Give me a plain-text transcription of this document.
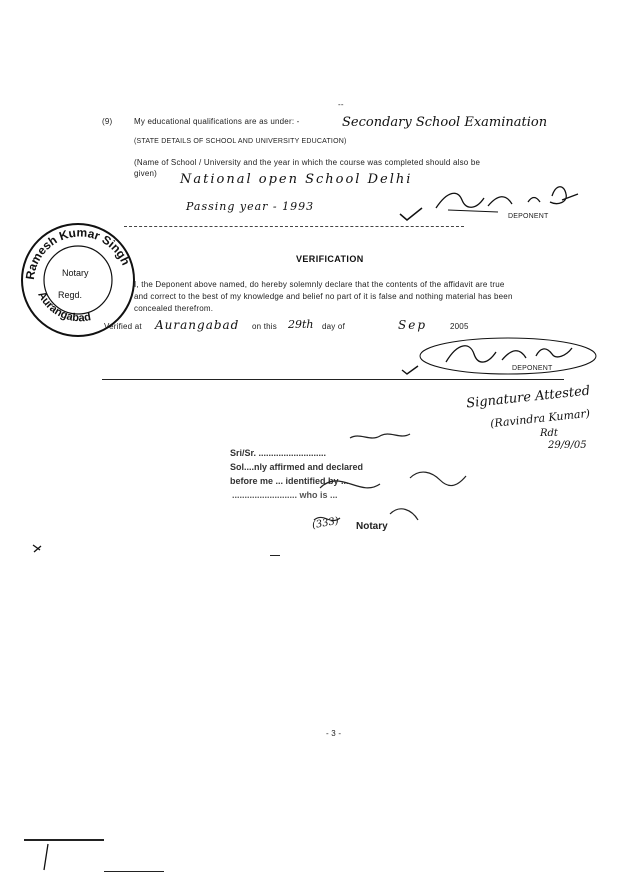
--
(9)	My educational qualifications are as under: -	Secondary School Examination
(STATE DETAILS OF SCHOOL AND UNIVERSITY EDUCATION)
(Name of School / University and the year in which the course was completed should also be
given) National open School Delhi
Passing year - 1993
DEPONENT
VERIFICATION
I, the Deponent above named, do hereby solemnly declare that the contents of the affidavit are true
and correct to the best of my knowledge and belief no part of it is false and nothing material has been
concealed therefrom.
Verified at Aurangabad on this 29th day of	Sep	2005
DEPONENT
Signature Attested
(Ravindra Kumar)
Rdt
29/9/05
Sri/Sr. ...........................
Sol....nly affirmed and declared
before me ... identified by ...
.......................... who is ...
(333) Notary
Ramesh Kumar Singh
Aurangabad
Notary
Regd.
- 3 -
